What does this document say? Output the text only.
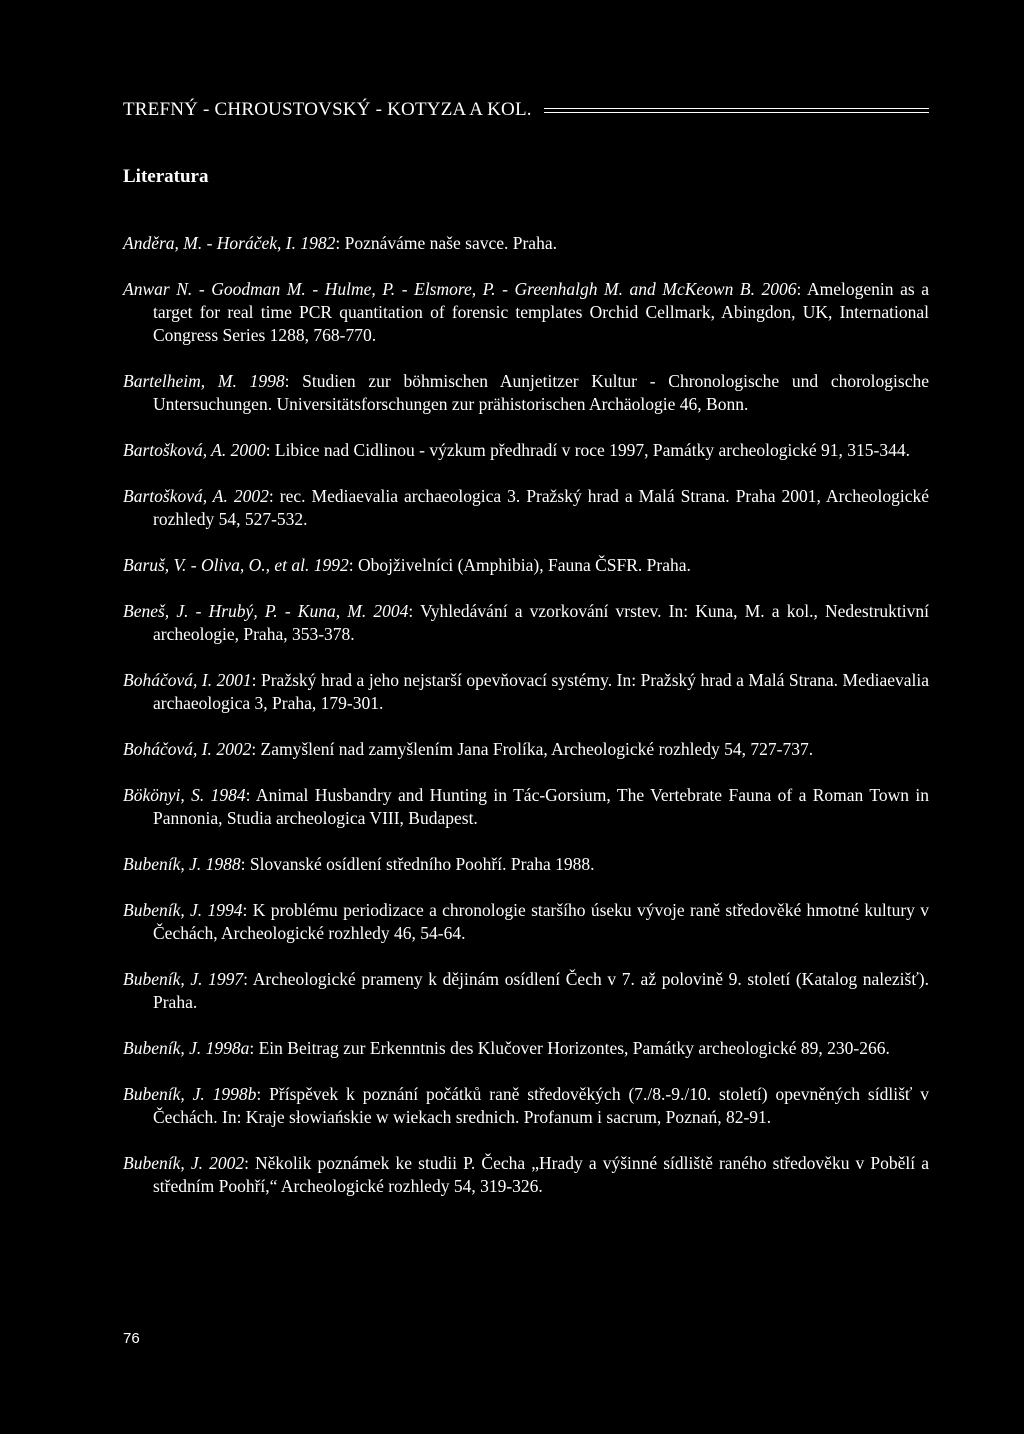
TREFNÝ - CHROUSTOVSKÝ - KOTYZA A KOL.
Literatura

Anděra, M. - Horáček, I. 1982: Poznáváme naše savce. Praha.

Anwar N. - Goodman M. - Hulme, P. - Elsmore, P. - Greenhalgh M. and McKeown B. 2006: Amelogenin as a target for real time PCR quantitation of forensic templates Orchid Cellmark, Abingdon, UK, International Congress Series 1288, 768-770.

Bartelheim, M. 1998: Studien zur böhmischen Aunjetitzer Kultur - Chronologische und chorologische Untersuchungen. Universitätsforschungen zur prähistorischen Archäologie 46, Bonn.

Bartošková, A. 2000: Libice nad Cidlinou - výzkum předhradí v roce 1997, Památky archeologické 91, 315-344.

Bartošková, A. 2002: rec. Mediaevalia archaeologica 3. Pražský hrad a Malá Strana. Praha 2001, Archeologické rozhledy 54, 527-532.

Baruš, V. - Oliva, O., et al. 1992: Obojživelníci (Amphibia), Fauna ČSFR. Praha.

Beneš, J. - Hrubý, P. - Kuna, M. 2004: Vyhledávání a vzorkování vrstev. In: Kuna, M. a kol., Nedestruktivní archeologie, Praha, 353-378.

Boháčová, I. 2001: Pražský hrad a jeho nejstarší opevňovací systémy. In: Pražský hrad a Malá Strana. Mediaevalia archaeologica 3, Praha, 179-301.

Boháčová, I. 2002: Zamyšlení nad zamyšlením Jana Frolíka, Archeologické rozhledy 54, 727-737.

Bökönyi, S. 1984: Animal Husbandry and Hunting in Tác-Gorsium, The Vertebrate Fauna of a Roman Town in Pannonia, Studia archeologica VIII, Budapest.

Bubeník, J. 1988: Slovanské osídlení středního Poohří. Praha 1988.

Bubeník, J. 1994: K problému periodizace a chronologie staršího úseku vývoje raně středověké hmotné kultury v Čechách, Archeologické rozhledy 46, 54-64.

Bubeník, J. 1997: Archeologické prameny k dějinám osídlení Čech v 7. až polovině 9. století (Katalog nalezišť). Praha.

Bubeník, J. 1998a: Ein Beitrag zur Erkenntnis des Klučover Horizontes, Památky archeologické 89, 230-266.

Bubeník, J. 1998b: Příspěvek k poznání počátků raně středověkých (7./8.-9./10. století) opevněných sídlišť v Čechách. In: Kraje słowiańskie w wiekach srednich. Profanum i sacrum, Poznań, 82-91.

Bubeník, J. 2002: Několik poznámek ke studii P. Čecha „Hrady a výšinné sídliště raného středověku v Pobělí a středním Poohří,“ Archeologické rozhledy 54, 319-326.

76
